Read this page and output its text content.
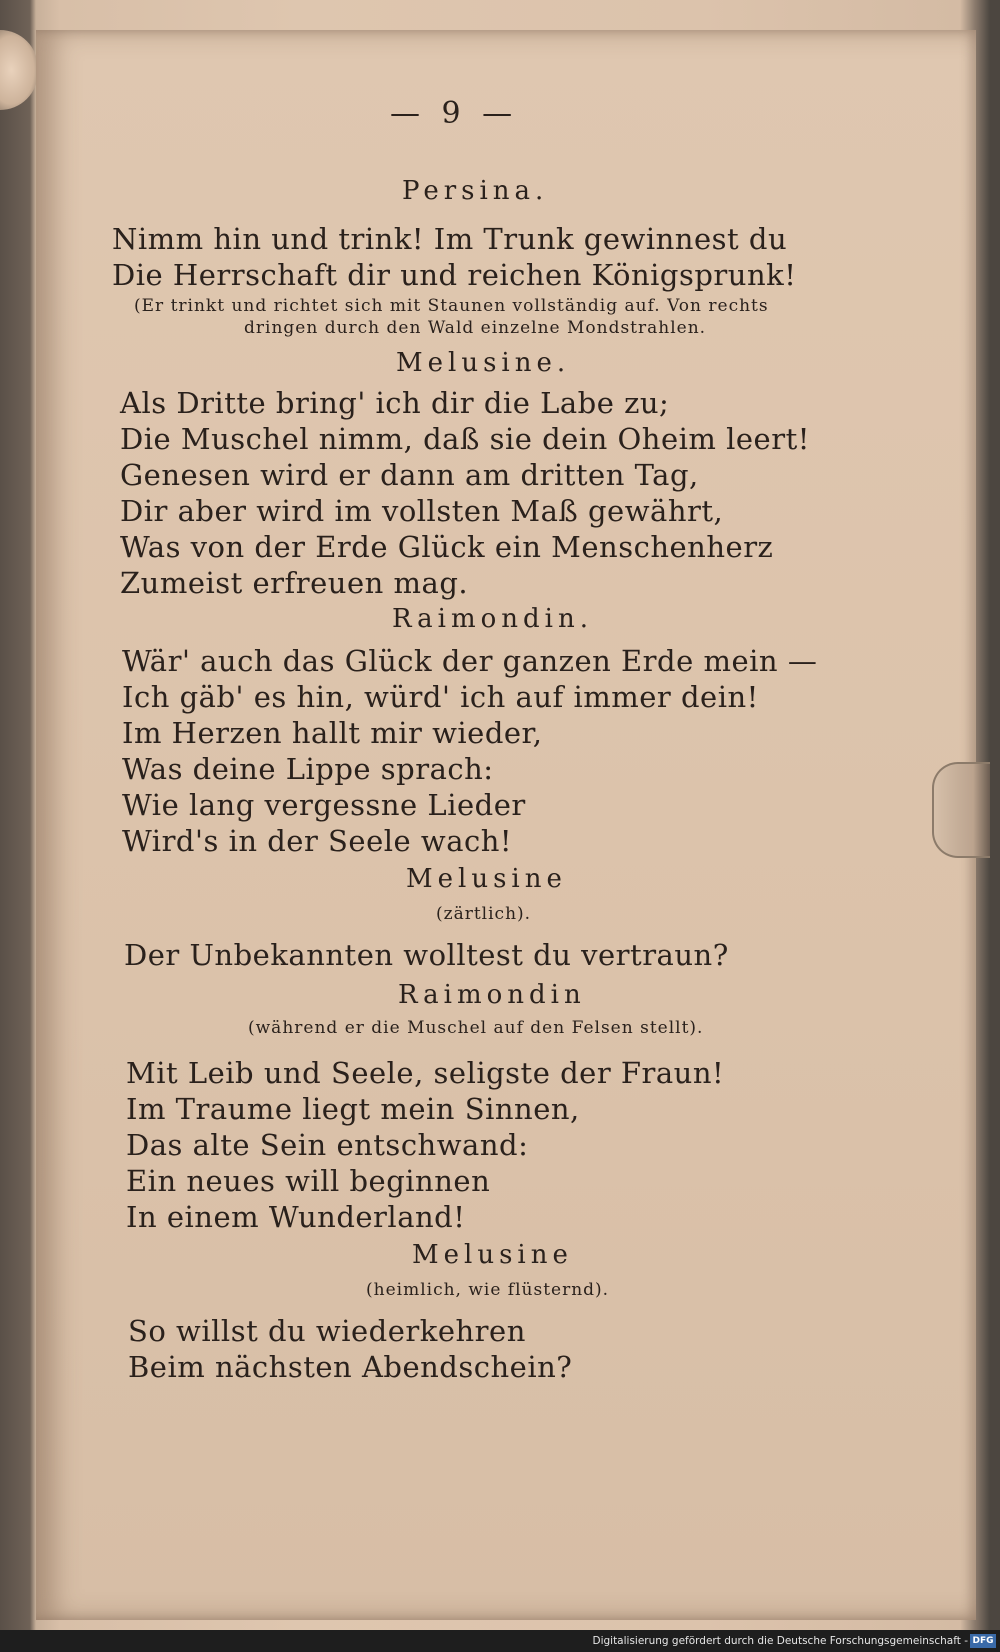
— 9 —
Persina.
Nimm hin und trink! Im Trunk gewinnest du
Die Herrschaft dir und reichen Königsprunk!
(Er trinkt und richtet sich mit Staunen vollständig auf. Von rechts
dringen durch den Wald einzelne Mondstrahlen.
Melusine.
Als Dritte bring' ich dir die Labe zu;
Die Muschel nimm, daß sie dein Oheim leert!
Genesen wird er dann am dritten Tag,
Dir aber wird im vollsten Maß gewährt,
Was von der Erde Glück ein Menschenherz
Zumeist erfreuen mag.
Raimondin.
Wär' auch das Glück der ganzen Erde mein —
Ich gäb' es hin, würd' ich auf immer dein!
Im Herzen hallt mir wieder,
Was deine Lippe sprach:
Wie lang vergessne Lieder
Wird's in der Seele wach!
Melusine
(zärtlich).
Der Unbekannten wolltest du vertraun?
Raimondin
(während er die Muschel auf den Felsen stellt).
Mit Leib und Seele, seligste der Fraun!
Im Traume liegt mein Sinnen,
Das alte Sein entschwand:
Ein neues will beginnen
In einem Wunderland!
Melusine
(heimlich, wie flüsternd).
So willst du wiederkehren
Beim nächsten Abendschein?
Digitalisierung gefördert durch die Deutsche Forschungsgemeinschaft - DFG
